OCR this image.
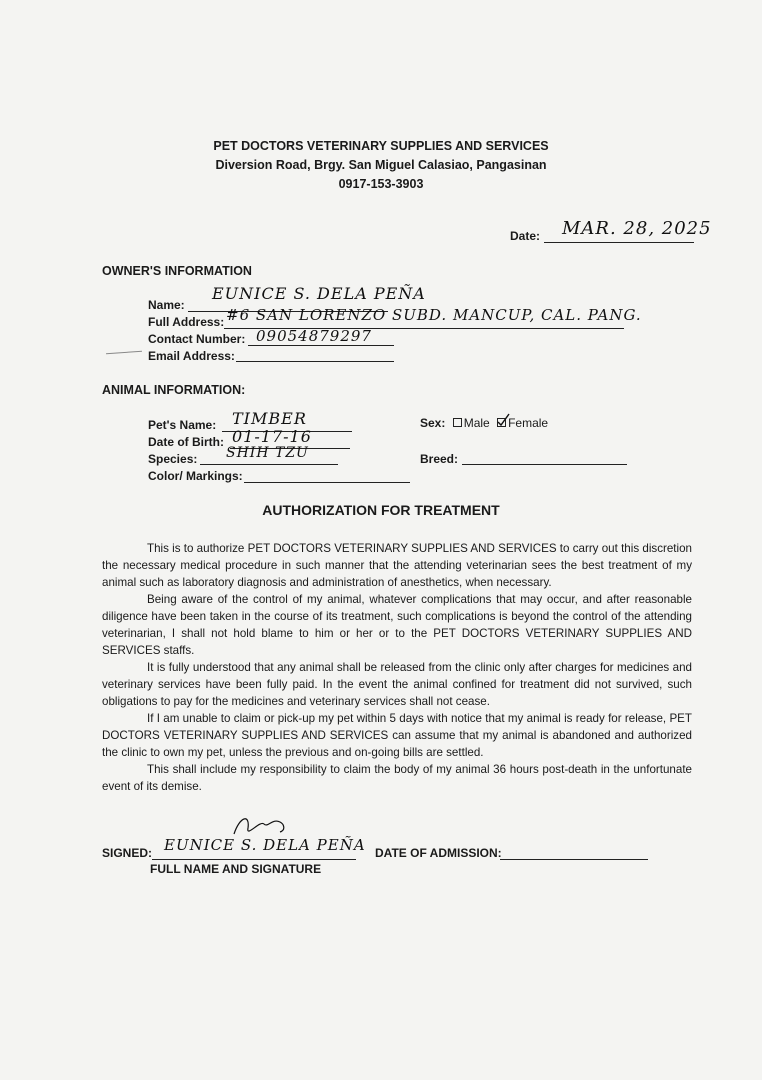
PET DOCTORS VETERINARY SUPPLIES AND SERVICES
Diversion Road, Brgy. San Miguel Calasiao, Pangasinan
0917-153-3903
Date: MAR. 28, 2025
OWNER'S INFORMATION
Name:
EUNICE S. DELA PEÑA
Full Address: #6 SAN LORENZO SUBD. MANCUP, CAL. PANG.
Contact Number: 09054879297
Email Address:
ANIMAL INFORMATION:
Pet's Name: TIMBER
Date of Birth: 01-17-16
Species: SHIH TZU
Color/ Markings:
Sex: Male Female
Breed:
AUTHORIZATION FOR TREATMENT

This is to authorize PET DOCTORS VETERINARY SUPPLIES AND SERVICES to carry out this discretion the necessary medical procedure in such manner that the attending veterinarian sees the best treatment of my animal such as laboratory diagnosis and administration of anesthetics, when necessary.

Being aware of the control of my animal, whatever complications that may occur, and after reasonable diligence have been taken in the course of its treatment, such complications is beyond the control of the attending veterinarian, I shall not hold blame to him or her or to the PET DOCTORS VETERINARY SUPPLIES AND SERVICES staffs.

It is fully understood that any animal shall be released from the clinic only after charges for medicines and veterinary services have been fully paid. In the event the animal confined for treatment did not survived, such obligations to pay for the medicines and veterinary services shall not cease.

If I am unable to claim or pick-up my pet within 5 days with notice that my animal is ready for release, PET DOCTORS VETERINARY SUPPLIES AND SERVICES can assume that my animal is abandoned and authorized the clinic to own my pet, unless the previous and on-going bills are settled.

This shall include my responsibility to claim the body of my animal 36 hours post-death in the unfortunate event of its demise.

SIGNED: EUNICE S. DELA PEÑA
FULL NAME AND SIGNATURE
DATE OF ADMISSION:
